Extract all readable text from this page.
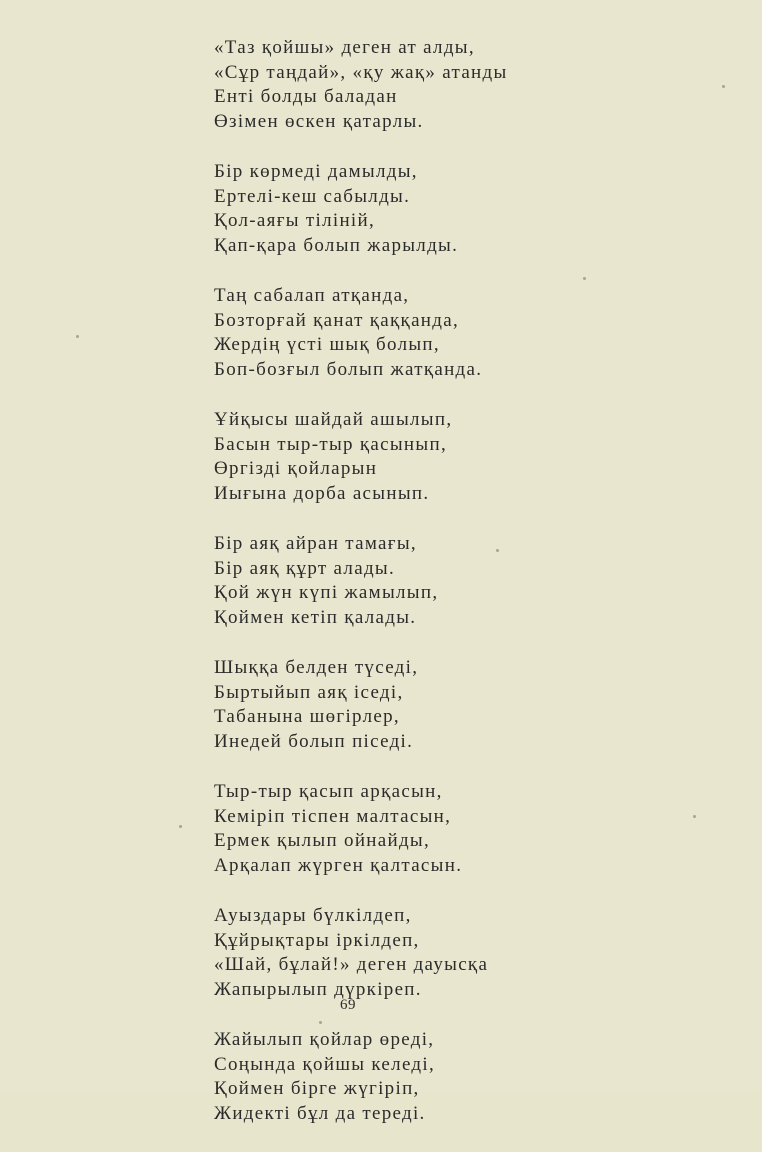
«Таз қойшы» деген ат алды,
«Сұр таңдай», «қу жақ» атанды
Енті болды баладан
Өзімен өскен қатарлы.
Бір көрмеді дамылды,
Ертелі-кеш сабылды.
Қол-аяғы тіліній,
Қап-қара болып жарылды.
Таң сабалап атқанда,
Бозторғай қанат қаққанда,
Жердің үсті шық болып,
Боп-бозғыл болып жатқанда.
Ұйқысы шайдай ашылып,
Басын тыр-тыр қасынып,
Өргізді қойларын
Иығына дорба асынып.
Бір аяқ айран тамағы,
Бір аяқ құрт алады.
Қой жүн күпі жамылып,
Қоймен кетіп қалады.
Шыққа белден түседі,
Быртыйып аяқ іседі,
Табанына шөгірлер,
Инедей болып піседі.
Тыр-тыр қасып арқасын,
Кеміріп тіспен малтасын,
Ермек қылып ойнайды,
Арқалап жүрген қалтасын.
Ауыздары бүлкілдеп,
Құйрықтары іркілдеп,
«Шай, бұлай!» деген дауысқа
Жапырылып дүркіреп.
Жайылып қойлар өреді,
Соңында қойшы келеді,
Қоймен бірге жүгіріп,
Жидекті бұл да тереді.
69
